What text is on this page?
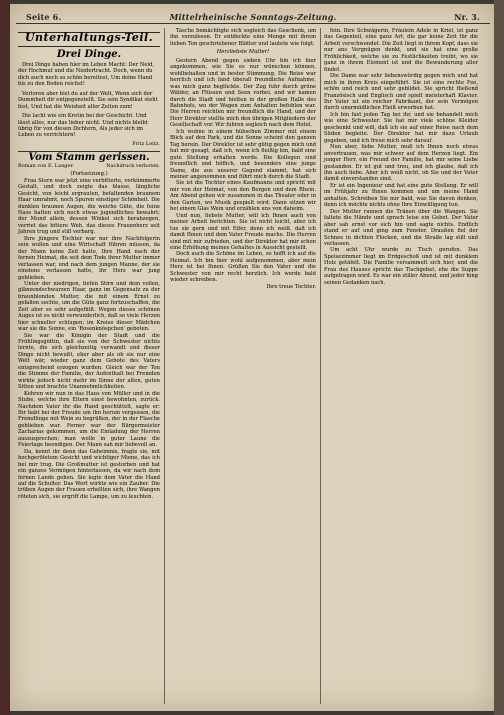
Mittelrheinische Sonntags-Zeitung.
Seite 6.	Nr. 3.
Unterhaltungs-Teil.
Drei Dinge.

Drei Dinge haben hier im Leben Macht: Der Neid, der Hochmut und die Niedertracht. Doch, wenn du dich auch noch so schön bereitest, Um deine Hand bis zu den Boden reichst!

Verloren aber bist du auf der Welt, Wenn sich der Dummheit dir entgegenstellt. Sie sein Syndikat steht fest, Und hat die Weisheit aller Zeiten zum!

Die lacht wie ein Kretin bei der Geschicht. Und lässt alles, nur das lieber nicht. Und nichts bleibt übrig für von diesen Dichtern, Als jeder sich im Leben zu verrichtern!

Fritz Leitz.
Vom Stamm gerissen.
Roman von E. Langer.	Nachdruck verboten.

(Fortsetzung.)

Frau Stern war jetzt eine verbitterte, verkümmerte Gestalt, und doch zeigte das blasse, längliche Gesicht, von leicht ergrauten, befaltenden braunem Haar umrahmt, noch Spuren einstiger Schönheit. Die dunklen braunen Augen, die weiche Güte, die feine Nase hatten sich noch etwas jugendliches bewahrt; der Mund allein, dessen Winkel sich herabzogen, verriet das bittere Weh, das dieses Frauenherz seit Jahren trug und still verbarg.

Ihre jüngere Tochter war nur ihre Nachfolgerin sein wollen und eine Wirtschaft führen müssen, da der Mann keine Zeit hatte, Ihre Hand nach der fernen Heimat, die seit dem Tode ihrer Mutter immer verlassen war, und nach dem jungen Manne, der sie einstens verlassen hatte, ihr Herz war jung geblieben.

Unter der niedrigen, tiefen Stirn und dem vollen, glänzendschwarzen Haar, ganz im Gegensatz zu der braunblonden Mutter, die mit einem Ernst zu gefallen suchte, um die Güte ganz fortzuschaffen, die Zeit aber so sehr aufgefüllt. Wegen dieses schönen Auges ist es nicht verwunderlich, daß so viele Herzen hier schneller schlugen; im Kreise dieser Mädchen war sie die Sonne, ein 'Rosenknöspchen' geboten.

Sie war die Königin der Stadt und die Frühlingsgöttin, daß sie von der Schwester nichts lernte, die sich gleichzeitig verwandt und dieser Dinge nicht bewußt, eher aber als ob sie nur eine Welt wär, wieder ganz dem Gebote des Vaters entsprechend erzogen wurden. Gleich war der Ton die Stimme der Familie, der Aufenthalt bei Fremden wirkte jedoch nicht mehr im Sinne der alten, guten Sitten und brachte Unannehmlichkeiten.

Kehren wir nun in das Haus von Müller und in die Stube, welche ihre Eltern einst bewohnten, zurück. Nachdem Vater ihr die Hand geschüttelt, sagte er: Ihr habt bei der Freude um ihn herum vergessen, die Fremdlinge mit Wein zu begrüßen, der in der Flasche geblieben war. Ferner war der Bürgermeister Zacharias gekommen, um die Einladung der Herren auszusprechen; man wolle in guter Laune die Feiertage beendigen. Der Mann sah mir liebevoll an.

Da, kennt ihr denn das Geheimnis, fragte sie, mit hochgerötetem Gesicht und wichtiger Miene, das ich bei mir trug. Die Großmutter ist gestorben und hat ein ganzes Vermögen hinterlassen, da wir nach dem fernen Lande gehen. Sie legte dem Vater die Hand auf die Schulter. Das Wort wirkte wie ein Zauber. Die trüben Augen der Frauen erhellten sich, ihre Wangen röteten sich, sie ergriff die Lampe, um zu leuchten.

Tasche bemächtigte sich sogleich das Geschenk, um ihn vorzulesen. Er entdeckte eine Menge mit ihrem lieben Ton geschriebener Blätter und lautete wie folgt:

Herzliebste Mutter!

Gestern Abend gegen sieben Uhr bin ich hier angekommen, wie Sie es nur wünschen können, wohlbehalten und in bester Stimmung. Die Reise war herrlich und ich fand überall freundliche Aufnahme, was mich ganz beglückte. Der Zug fuhr durch grüne Wälder, an Flüssen und Seen vorbei, und wir kamen durch die Stadt und hielten in der großen Halle des Bahnhofs, wo der Wagen zum Anhalten befohlen war. Die Herren reichten mir freundlich die Hand, und der Herr Direktor stellte mich den übrigen Mitgliedern der Gesellschaft vor. Wir fuhren sogleich nach dem Hotel.

Ich wohne in einem hübschen Zimmer mit einem Blick auf den Park, und die Sonne scheint den ganzen Tag herein. Der Direktor ist sehr gütig gegen mich und hat mir gesagt, daß ich, wenn ich fleißig bin, bald eine gute Stellung erhalten werde. Die Kollegen sind freundlich und höflich, und besonders eine junge Dame, die aus unserer Gegend stammt, hat sich meiner angenommen und führt mich durch die Stadt.

Sie ist die Tochter eines Kaufmanns und spricht mit mir von der Heimat, von den Bergen und dem Rhein. Am Abend gehen wir zusammen in das Theater oder in den Garten, wo Musik gespielt wird. Dann sitzen wir bei einem Glas Wein und erzählen uns von daheim.

Und nun, liebste Mutter, will ich Ihnen auch von meiner Arbeit berichten. Sie ist nicht leicht, aber ich tue sie gern und mit Eifer, denn ich weiß, daß ich damit Ihnen und dem Vater Freude mache. Die Herren sind mit mir zufrieden, und der Direktor hat mir schon eine Erhöhung meines Gehaltes in Aussicht gestellt.

Doch auch die Schöne im Leben, so hofft ich auf die Heimat. Ich bin hier wohl aufgenommen, aber mein Herz ist bei Ihnen. Grüßen Sie den Vater und die Schwester von mir recht herzlich. Ich werde bald wieder schreiben.

Ihre treue Tochter.

fein. Ihre Schwägerin, Fräulein Adele in Kriel, ist ganz das Gegenteil, eine ganz Art, die gar keine Zeit für die Arbeit verschwendet. Die Zeit liegt in ihrem Kopf, dass sie nur ans Vergnügen denkt, und sie hat eine große Fröhlichkeit, welche sie zu Festlichkeiten treibt, wo sie ganz in ihrem Element ist und die Bewunderung aller findet.

Die Dame war sehr liebenswürdig gegen mich und hat mich in ihren Kreis eingeführt. Sie ist eine rechte Fee, schön und reich und sehr gebildet. Sie spricht fließend Französisch und Englisch und spielt meisterhaft Klavier. Ihr Vater ist ein reicher Fabrikant, der sein Vermögen durch unermüdlichen Fleiß erworben hat.

Ich bin fast jeden Tag bei ihr, und sie behandelt mich wie eine Schwester. Sie hat mir viele schöne Kleider geschenkt und will, daß ich sie auf einer Reise nach dem Süden begleite. Der Direktor hat mir dazu Urlaub gegeben, und ich freue mich sehr darauf.

Nun aber, liebe Mutter, muß ich Ihnen noch etwas anvertrauen, was mir schwer auf dem Herzen liegt. Ein junger Herr, ein Freund der Familie, hat mir seine Liebe gestanden. Er ist gut und treu, und ich glaube, daß ich ihn auch liebe. Aber ich weiß nicht, ob Sie und der Vater damit einverstanden sind.

Er ist ein Ingenieur und hat eine gute Stellung. Er will im Frühjahr zu Ihnen kommen und um meine Hand anhalten. Schreiben Sie mir bald, was Sie davon denken, denn ich möchte nichts ohne Ihre Einwilligung tun.

Der Mutter rannen die Tränen über die Wangen. Sie faltete die Hände und sprach leise ein Gebet. Der Vater aber sah ernst vor sich hin und sagte nichts. Endlich stand er auf und ging zum Fenster. Draußen fiel der Schnee in dichten Flocken, und die Straße lag still und verlassen.

Um acht Uhr wurde zu Tisch gerufen. Das Speisezimmer liegt im Erdgeschoß und ist mit dunklem Holz getäfelt. Die Familie versammelt sich hier, und die Frau des Hauses spricht das Tischgebet, ehe die Suppe aufgetragen wird. Es war ein stiller Abend, und jeder hing seinen Gedanken nach.
